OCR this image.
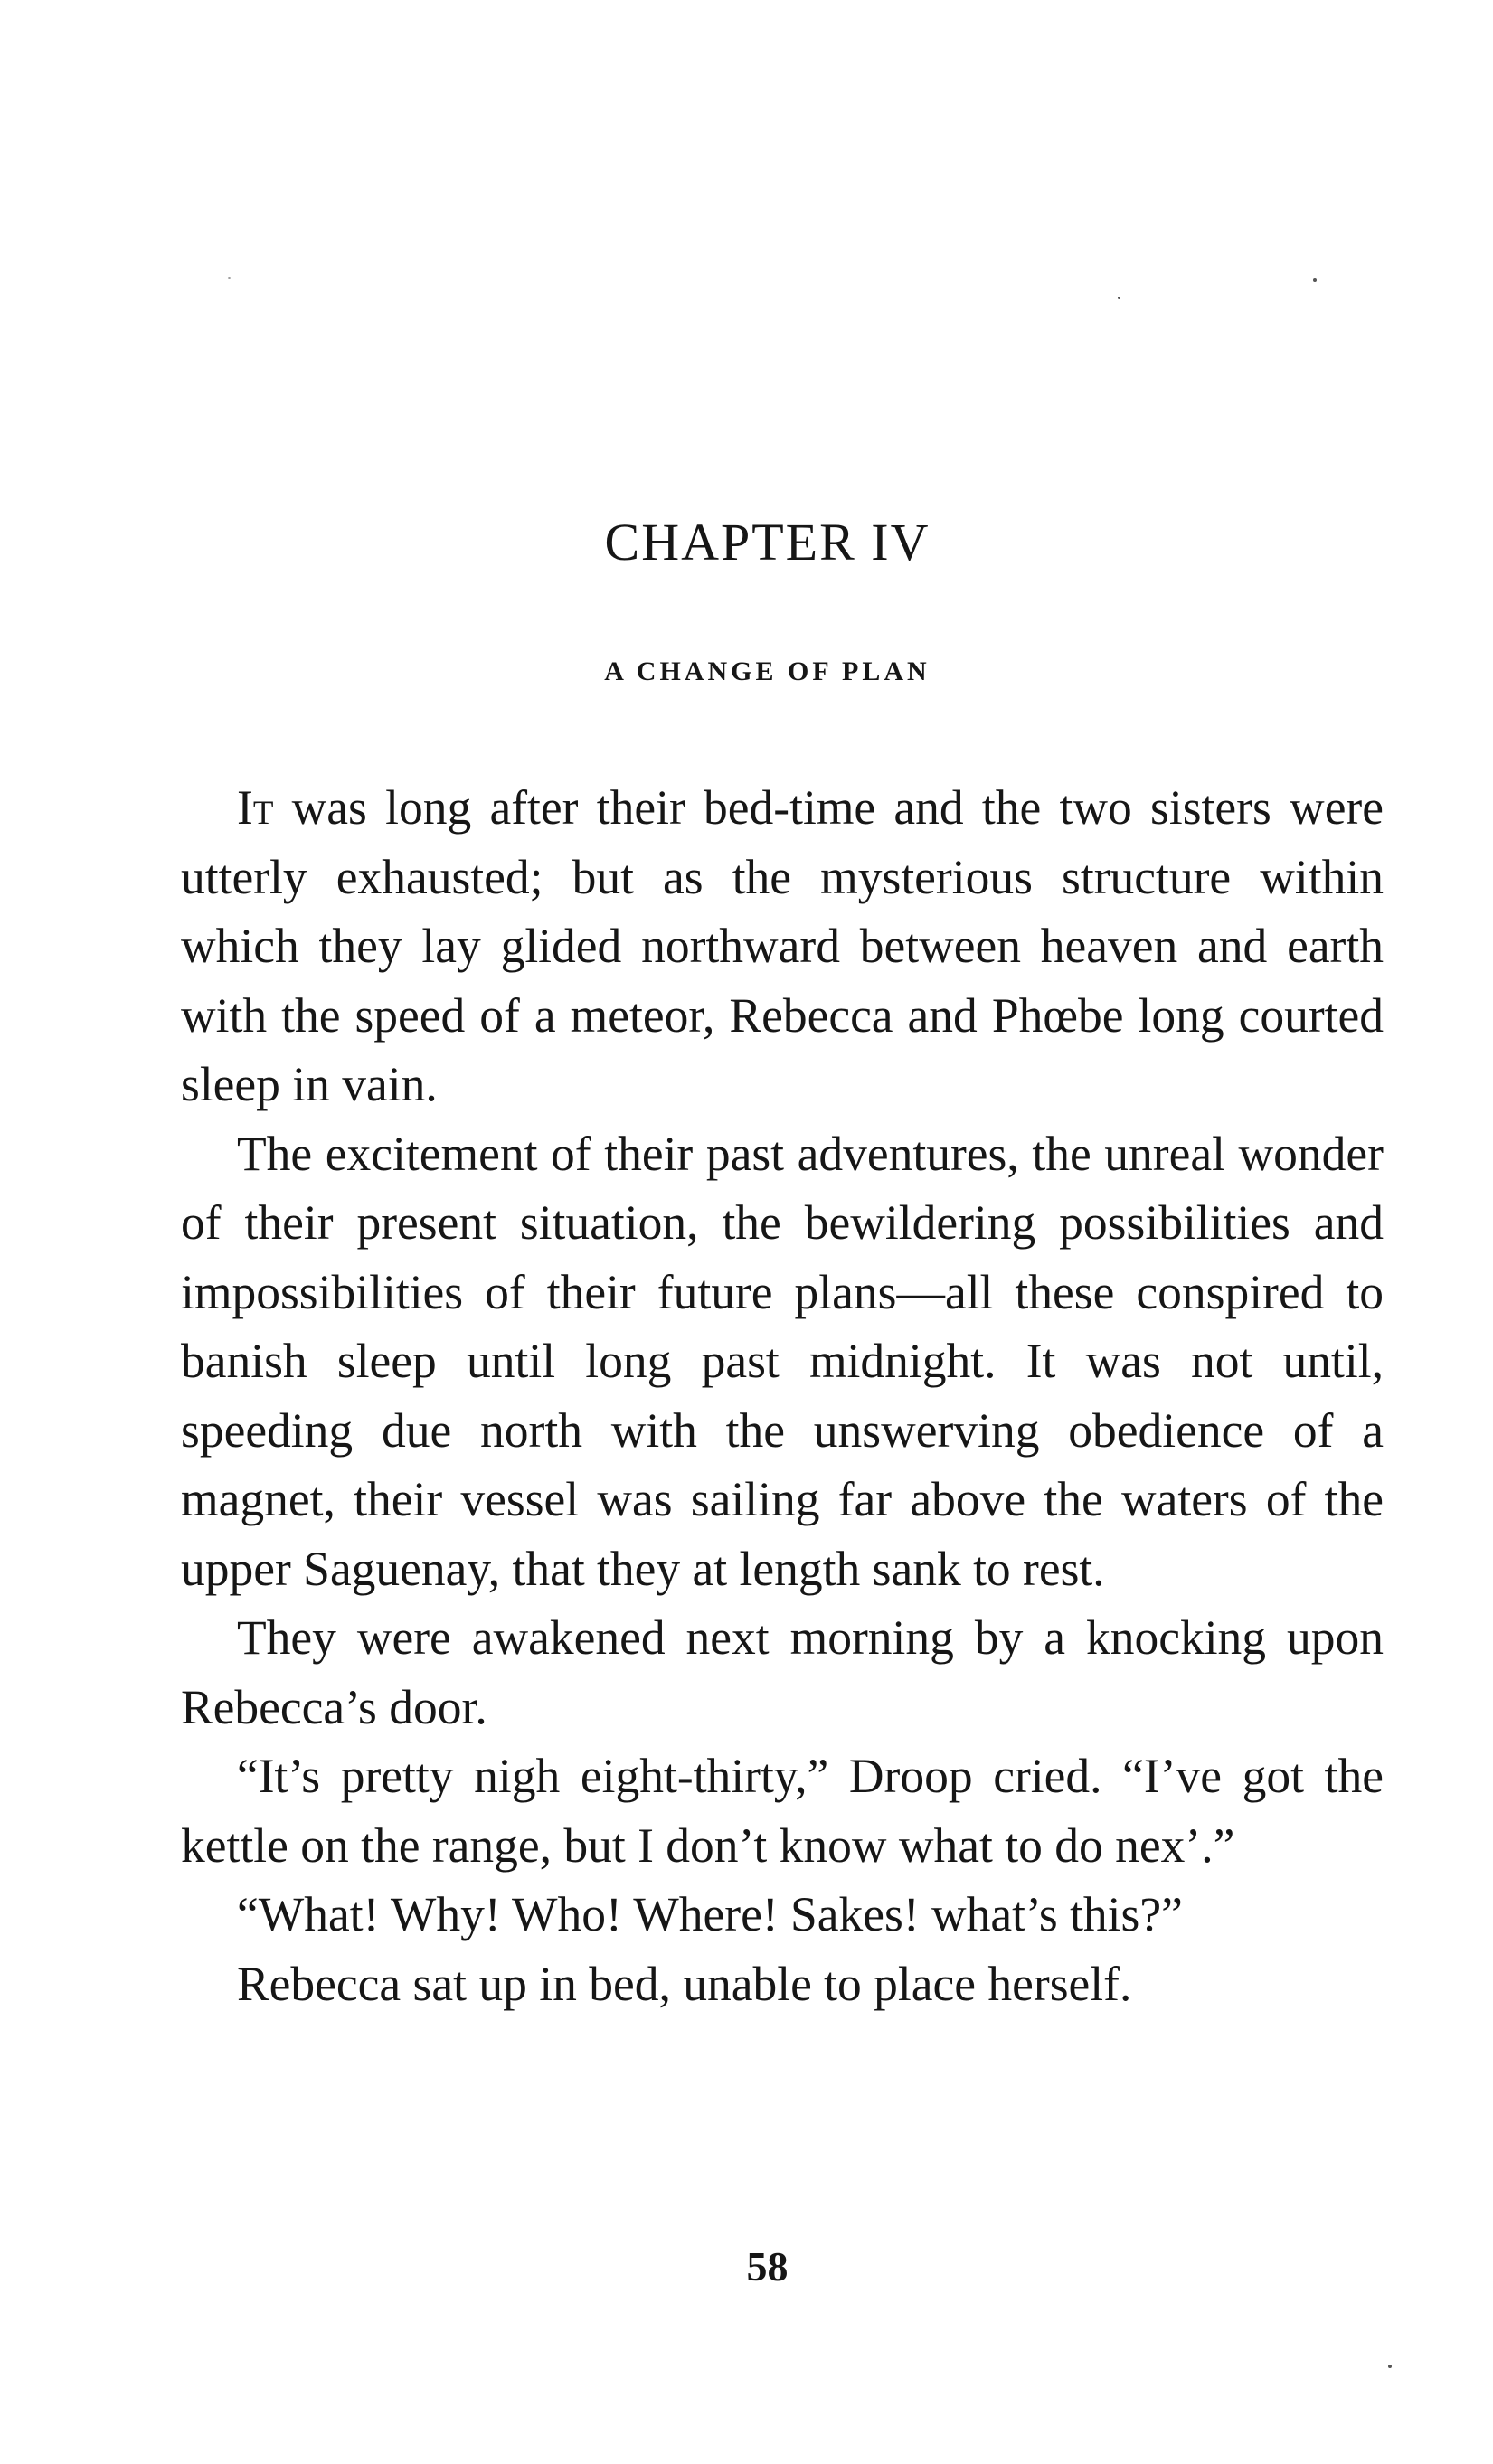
CHAPTER IV
A CHANGE OF PLAN

It was long after their bed-time and the two sisters were utterly exhausted; but as the mysterious structure within which they lay glided northward between heaven and earth with the speed of a meteor, Rebecca and Phœbe long courted sleep in vain.

The excitement of their past adventures, the unreal wonder of their present situation, the bewildering possibilities and impossibilities of their future plans—all these conspired to banish sleep until long past midnight. It was not until, speeding due north with the unswerving obedience of a magnet, their vessel was sailing far above the waters of the upper Saguenay, that they at length sank to rest.

They were awakened next morning by a knocking upon Rebecca’s door.

“It’s pretty nigh eight-thirty,” Droop cried. “I’ve got the kettle on the range, but I don’t know what to do nex’.”

“What! Why! Who! Where! Sakes! what’s this?”

Rebecca sat up in bed, unable to place herself.

58
